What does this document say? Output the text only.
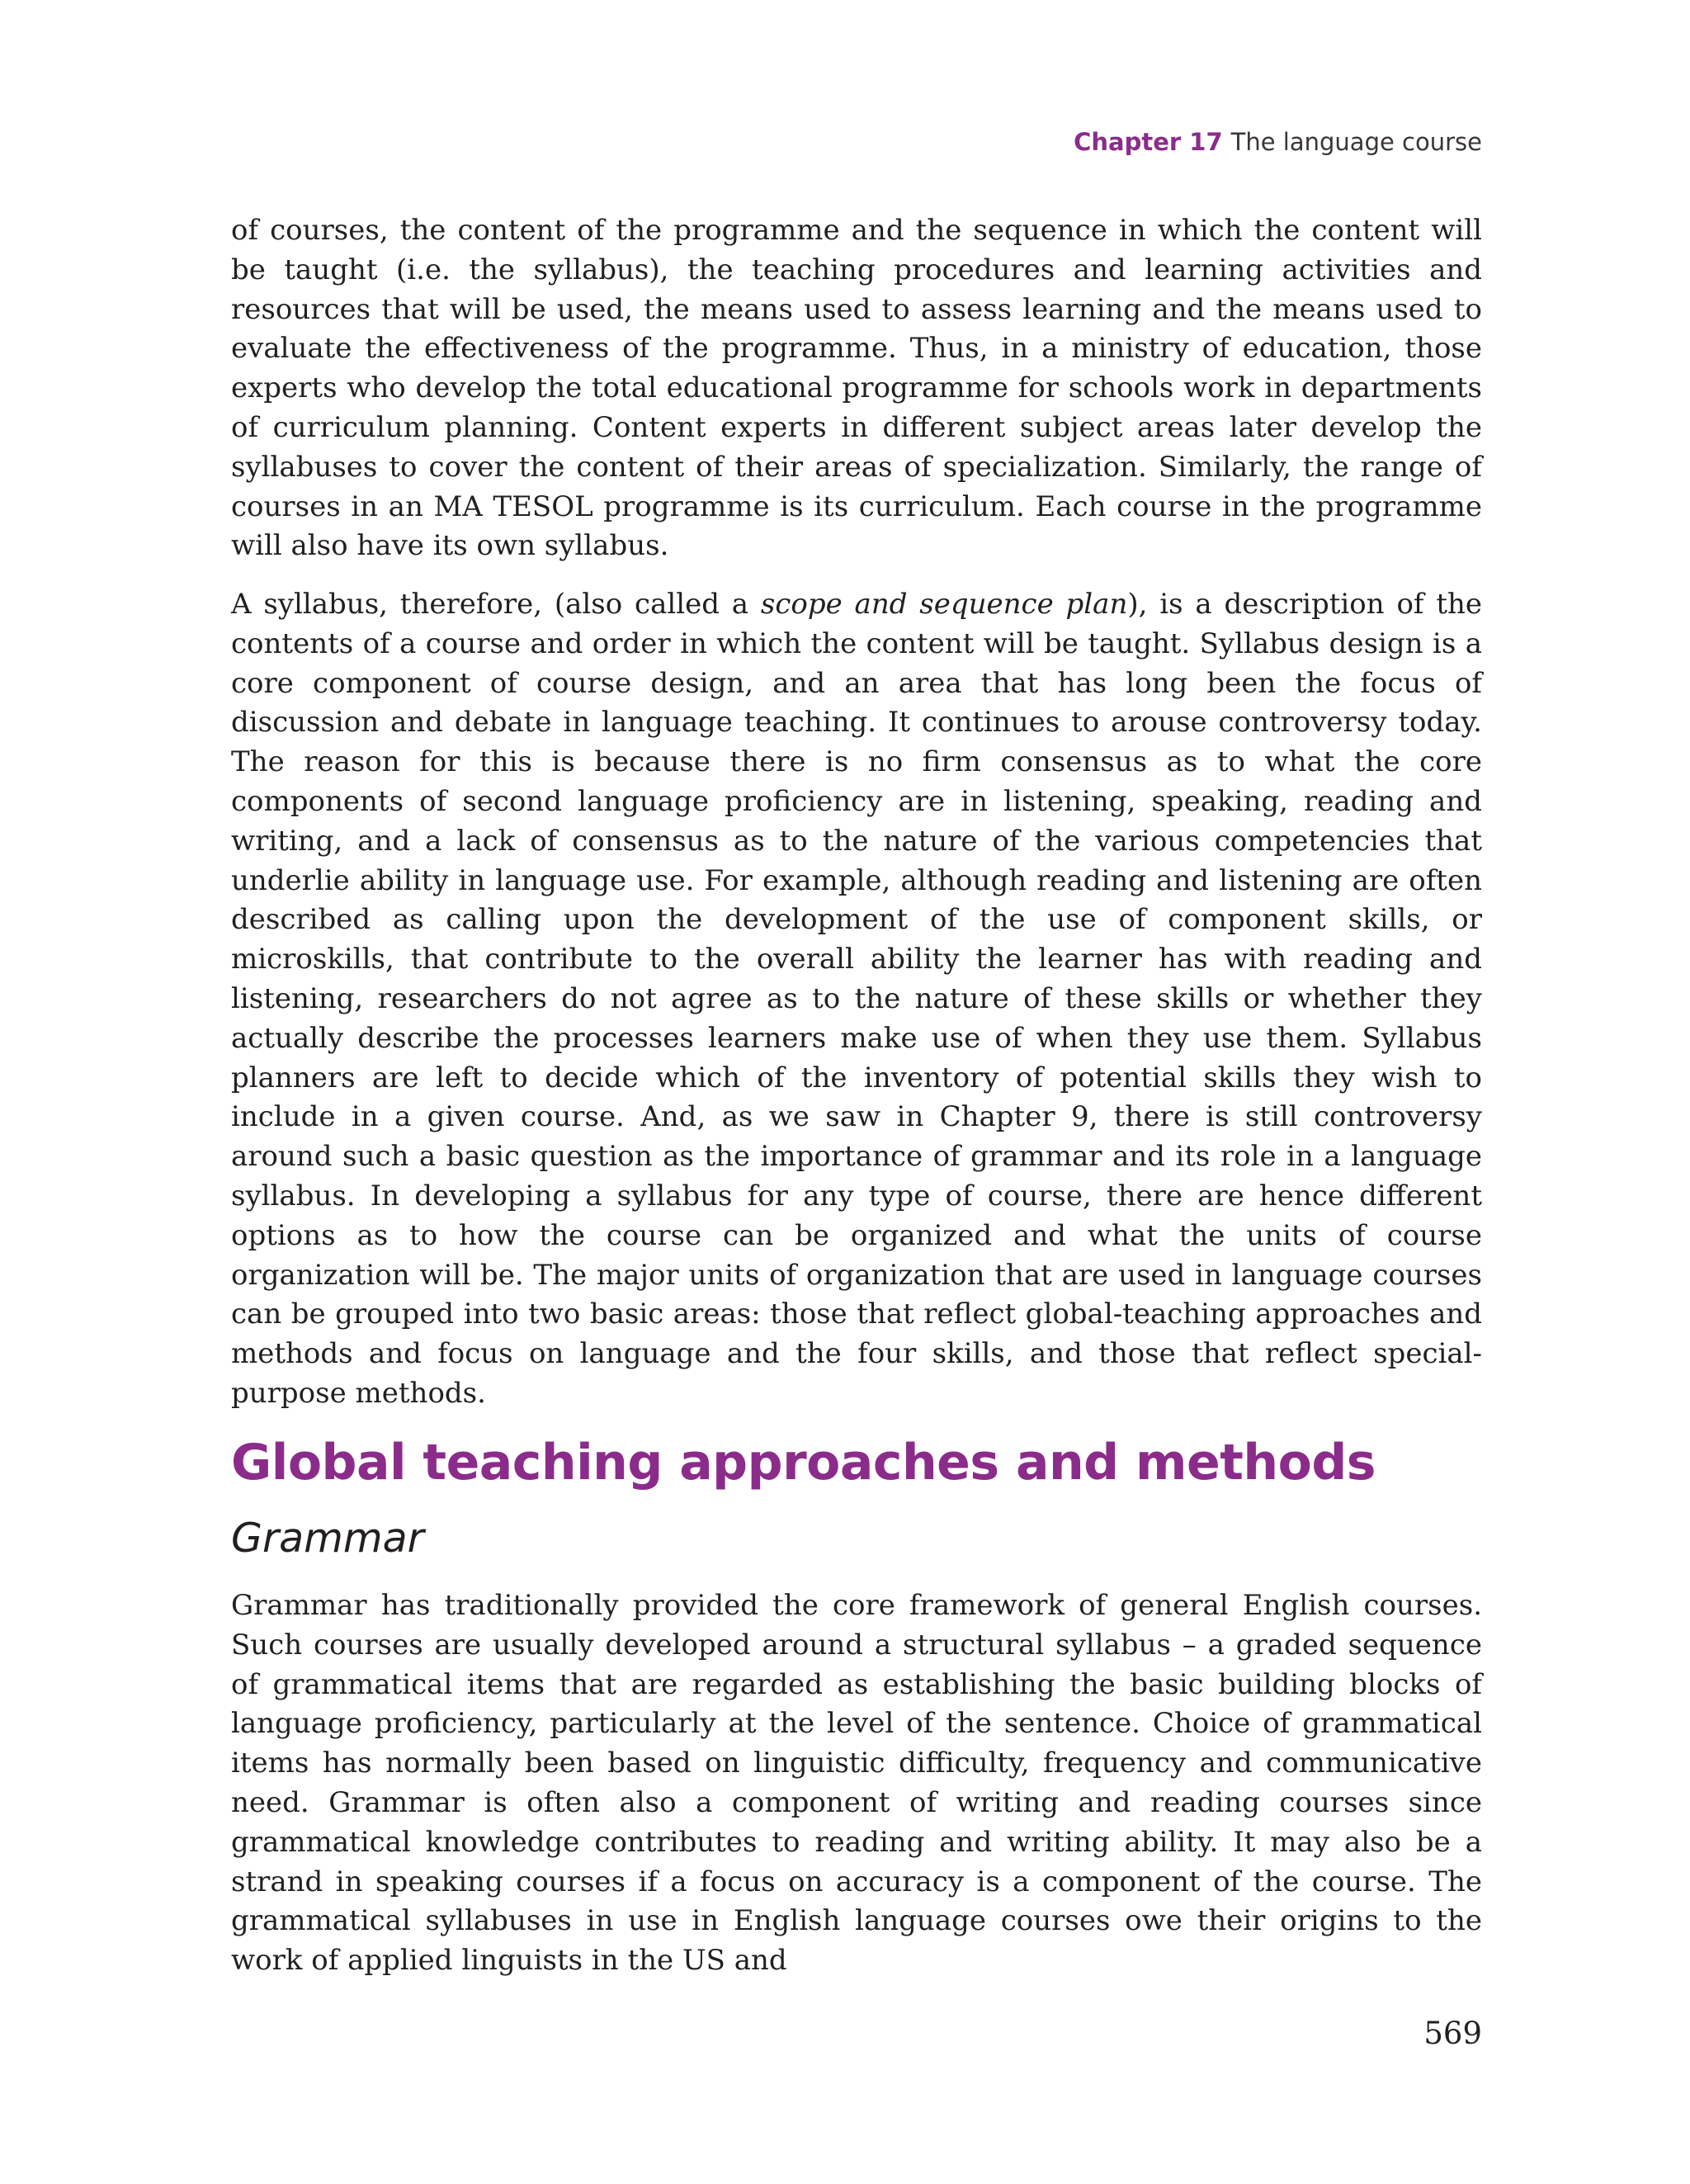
Chapter 17 The language course

of courses, the content of the programme and the sequence in which the content will be taught (i.e. the syllabus), the teaching procedures and learning activities and resources that will be used, the means used to assess learning and the means used to evaluate the effectiveness of the programme. Thus, in a ministry of education, those experts who develop the total educational programme for schools work in departments of curriculum planning. Content experts in different subject areas later develop the syllabuses to cover the content of their areas of specialization. Similarly, the range of courses in an MA TESOL programme is its curriculum. Each course in the programme will also have its own syllabus.

A syllabus, therefore, (also called a scope and sequence plan), is a description of the contents of a course and order in which the content will be taught. Syllabus design is a core component of course design, and an area that has long been the focus of discussion and debate in language teaching. It continues to arouse controversy today. The reason for this is because there is no firm consensus as to what the core components of second language proficiency are in listening, speaking, reading and writing, and a lack of consensus as to the nature of the various competencies that underlie ability in language use. For example, although reading and listening are often described as calling upon the development of the use of component skills, or microskills, that contribute to the overall ability the learner has with reading and listening, researchers do not agree as to the nature of these skills or whether they actually describe the processes learners make use of when they use them. Syllabus planners are left to decide which of the inventory of potential skills they wish to include in a given course. And, as we saw in Chapter 9, there is still controversy around such a basic question as the importance of grammar and its role in a language syllabus. In developing a syllabus for any type of course, there are hence different options as to how the course can be organized and what the units of course organization will be. The major units of organization that are used in language courses can be grouped into two basic areas: those that reflect global-teaching approaches and methods and focus on language and the four skills, and those that reflect special-purpose methods.

Global teaching approaches and methods
Grammar

Grammar has traditionally provided the core framework of general English courses. Such courses are usually developed around a structural syllabus – a graded sequence of grammatical items that are regarded as establishing the basic building blocks of language proficiency, particularly at the level of the sentence. Choice of grammatical items has normally been based on linguistic difficulty, frequency and communicative need. Grammar is often also a component of writing and reading courses since grammatical knowledge contributes to reading and writing ability. It may also be a strand in speaking courses if a focus on accuracy is a component of the course. The grammatical syllabuses in use in English language courses owe their origins to the work of applied linguists in the US and

569
